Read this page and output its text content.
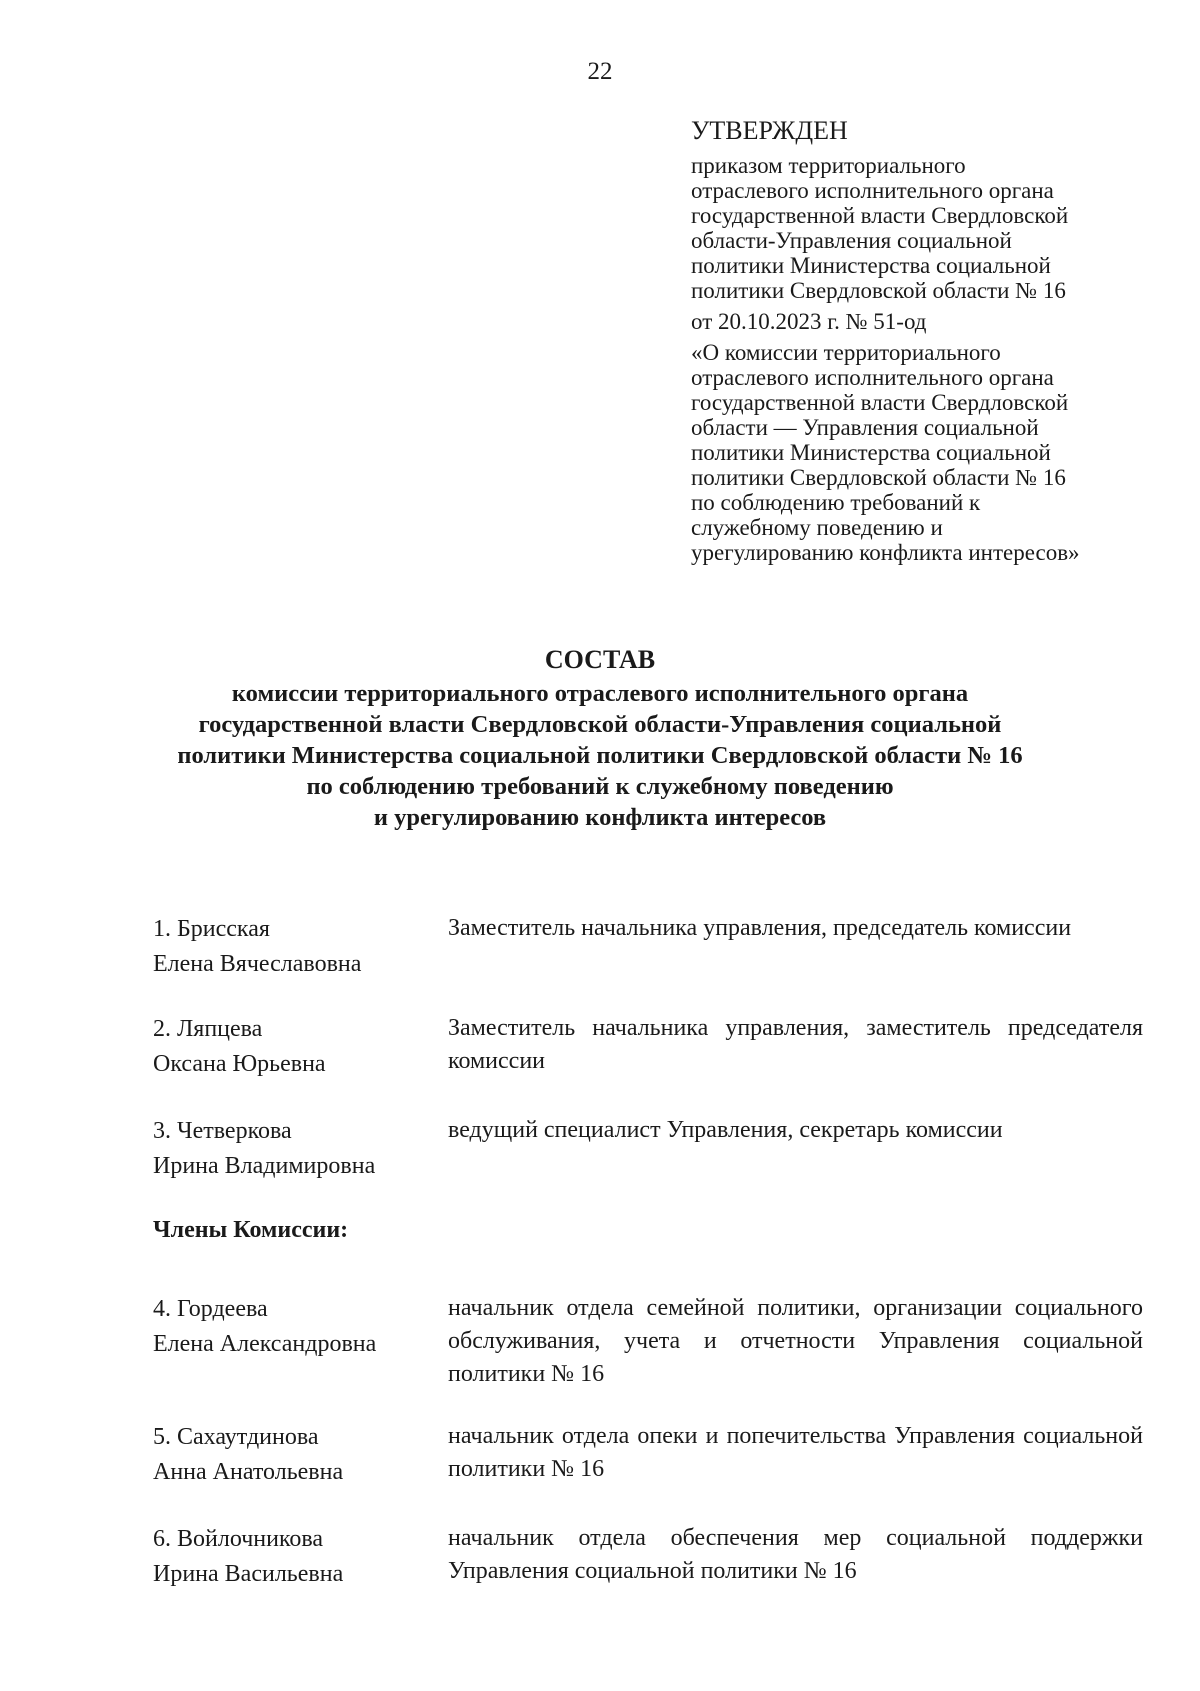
22
УТВЕРЖДЕН
приказом территориального
отраслевого исполнительного органа
государственной власти Свердловской
области-Управления социальной
политики Министерства социальной
политики Свердловской области № 16
от 20.10.2023 г. № 51-од
«О комиссии территориального
отраслевого исполнительного органа
государственной власти Свердловской
области — Управления социальной
политики Министерства социальной
политики Свердловской области № 16
по соблюдению требований к
служебному поведению и
урегулированию конфликта интересов»
СОСТАВ
комиссии территориального отраслевого исполнительного органа
государственной власти Свердловской области-Управления социальной
политики Министерства социальной политики Свердловской области № 16
по соблюдению требований к служебному поведению
и урегулированию конфликта интересов
1. Брисская
Елена Вячеславовна
Заместитель начальника управления, председатель комиссии
2. Ляпцева
Оксана Юрьевна
Заместитель начальника управления, заместитель председателя комиссии
3. Четверкова
Ирина Владимировна
ведущий специалист Управления, секретарь комиссии
Члены Комиссии:
4. Гордеева
Елена Александровна
начальник отдела семейной политики, организации социального обслуживания, учета и отчетности Управления социальной политики № 16
5. Сахаутдинова
Анна Анатольевна
начальник отдела опеки и попечительства Управления социальной политики № 16
6. Войлочникова
Ирина Васильевна
начальник отдела обеспечения мер социальной поддержки Управления социальной политики № 16
